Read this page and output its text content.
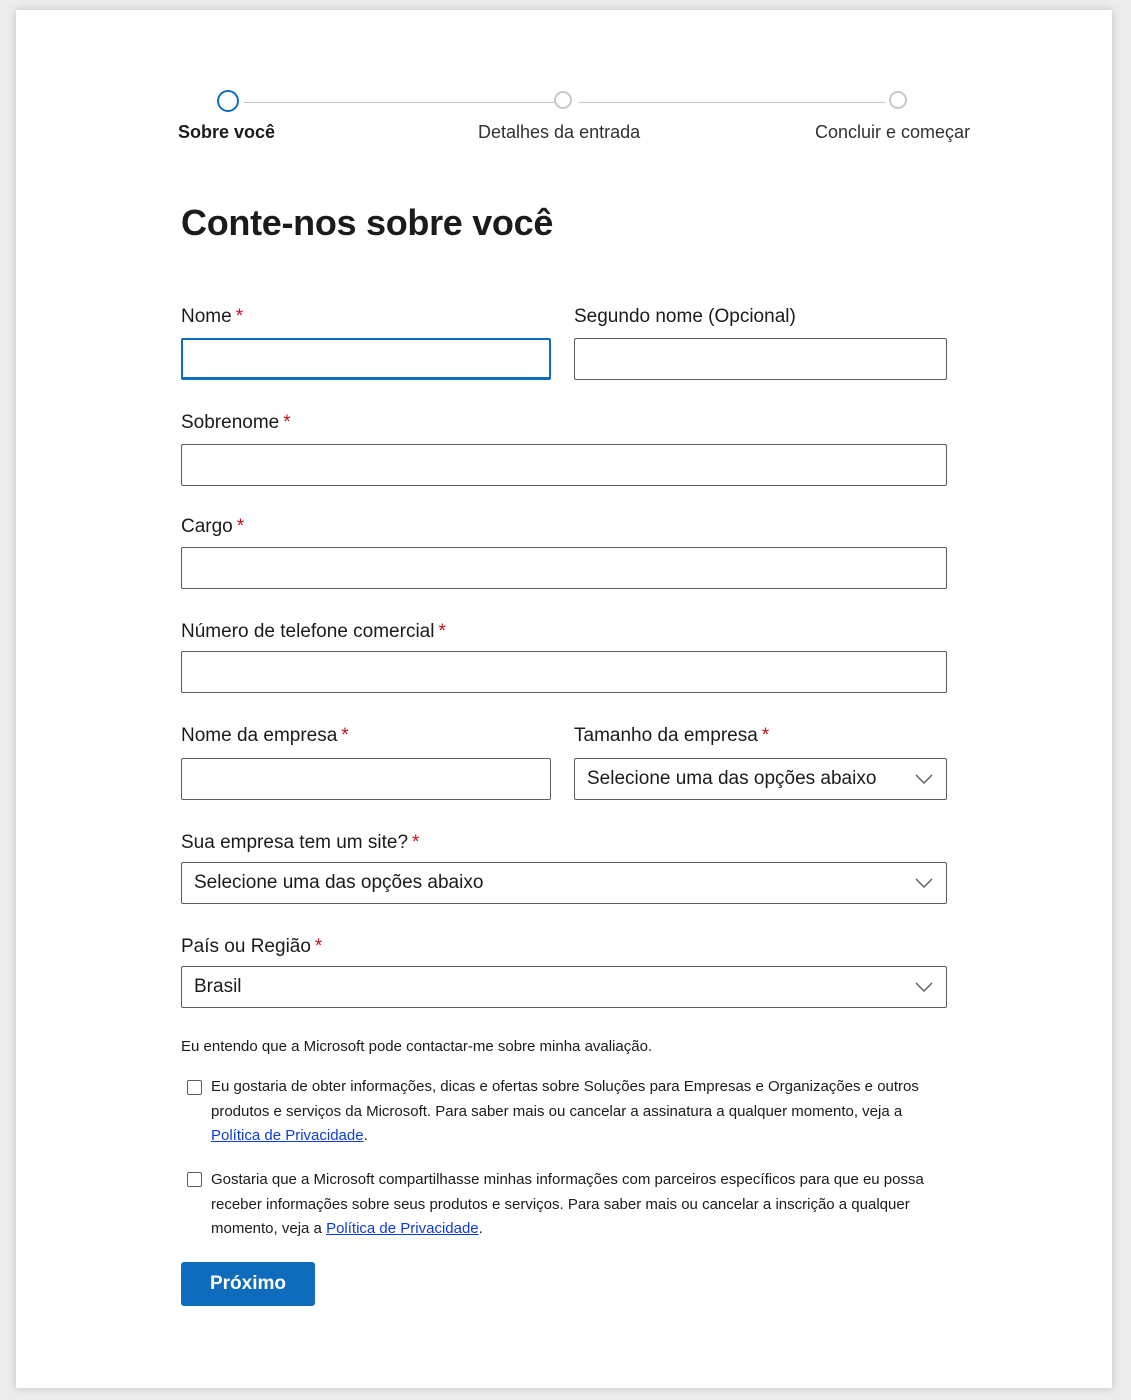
Sobre você	Detalhes da entrada	Concluir e começar
Conte-nos sobre você
Nome *	Segundo nome (Opcional)
Sobrenome *
Cargo *
Número de telefone comercial *
Nome da empresa *	Tamanho da empresa *
Selecione uma das opções abaixo
Sua empresa tem um site? *
Selecione uma das opções abaixo
País ou Região *
Brasil
Eu entendo que a Microsoft pode contactar-me sobre minha avaliação.
Eu gostaria de obter informações, dicas e ofertas sobre Soluções para Empresas e Organizações e outros produtos e serviços da Microsoft. Para saber mais ou cancelar a assinatura a qualquer momento, veja a Política de Privacidade.
Gostaria que a Microsoft compartilhasse minhas informações com parceiros específicos para que eu possa receber informações sobre seus produtos e serviços. Para saber mais ou cancelar a inscrição a qualquer momento, veja a Política de Privacidade.
Próximo
